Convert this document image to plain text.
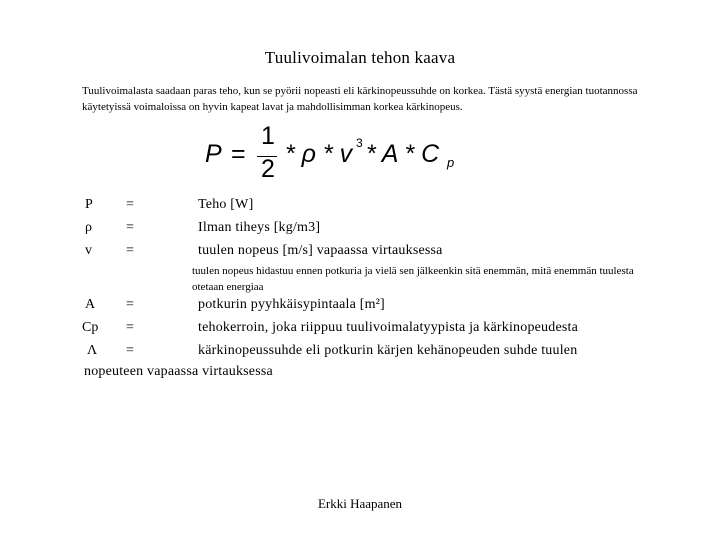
Tuulivoimalan tehon kaava
Tuulivoimalasta saadaan paras teho, kun se pyörii nopeasti eli kärkinopeussuhde on korkea. Tästä syystä energian tuotannossa käytetyissä voimaloissa on hyvin kapeat lavat ja mahdollisimman korkea kärkinopeus.
P =
1
2
* ρ * v 3 * A * C p
P =	Teho [W]
ρ =	Ilman tiheys [kg/m3]
v =	tuulen nopeus [m/s] vapaassa virtauksessa
tuulen nopeus hidastuu ennen potkuria ja vielä sen jälkeenkin sitä enemmän, mitä enemmän tuulesta otetaan energiaa
A =	potkurin pyyhkäisypintaala [m²]
Cp =	tehokerroin, joka riippuu tuulivoimalatyypista ja kärkinopeudesta
Λ =	kärkinopeussuhde eli potkurin kärjen kehänopeuden suhde tuulen
nopeuteen vapaassa virtauksessa
Erkki Haapanen
